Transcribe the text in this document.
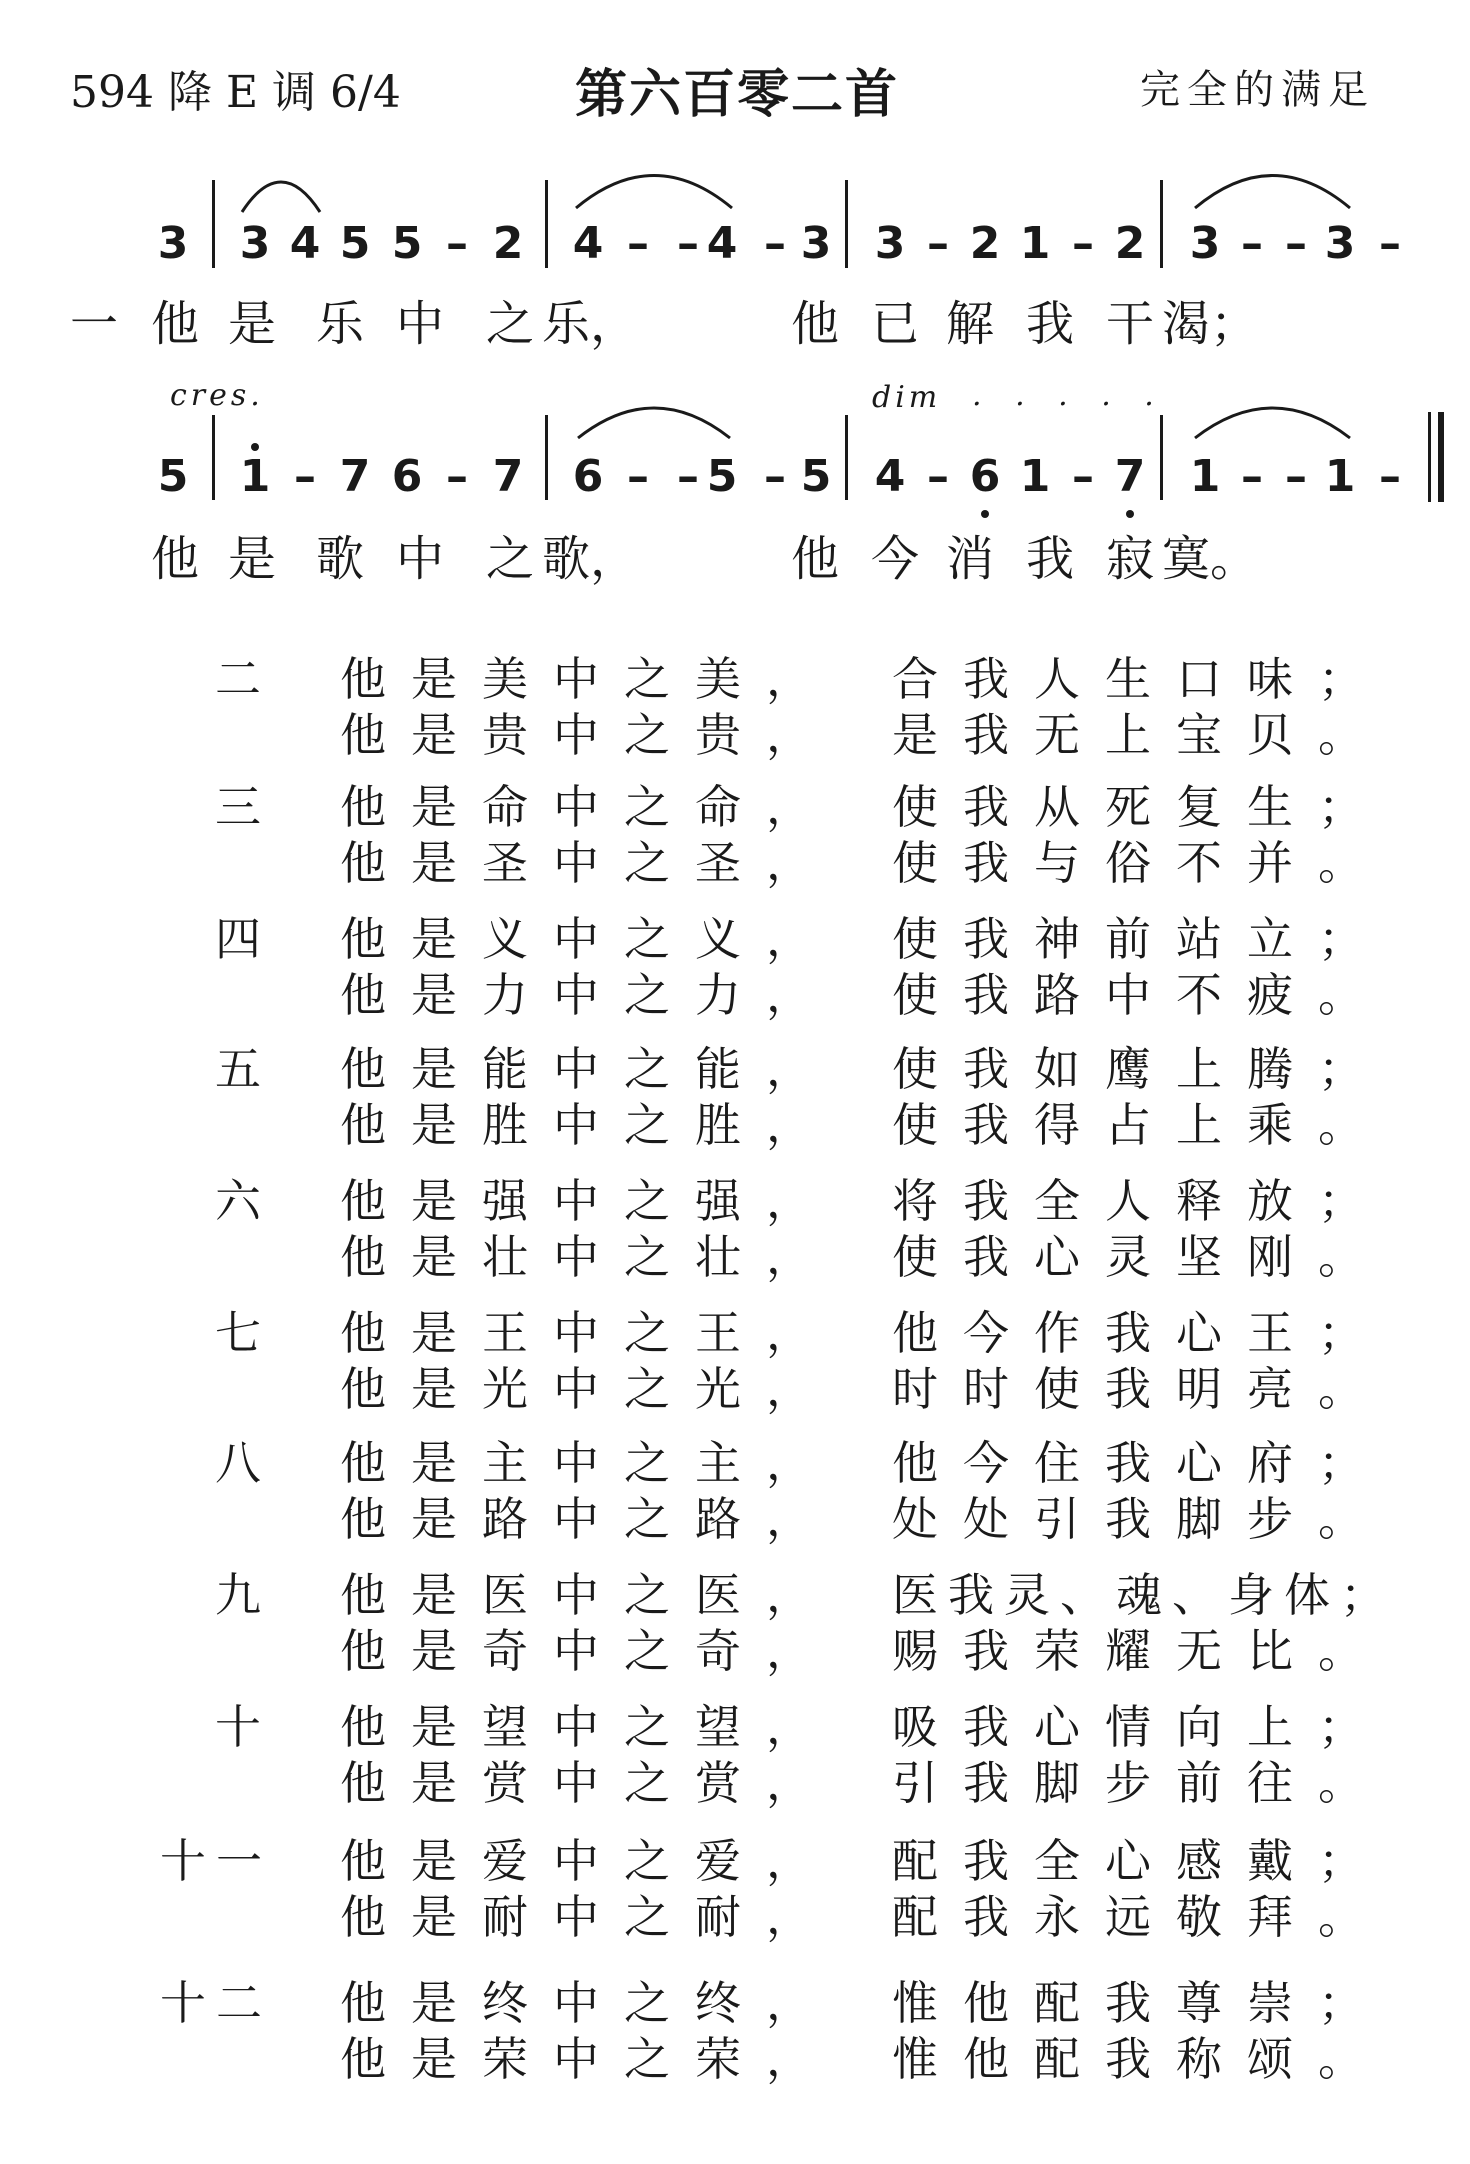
594 降 E 调 6/4	第六百零二首	完全的满足
3 3 4 5 5 – 2 4 – – 4 – 3 3 – 2 1 – 2 3 – – 3 –
一 他 是 乐 中 之 乐，	他 已 解 我 干 渴；
5 1 – 7 6 – 7 6 – – 5 – 5 4 – 6 1 – 7 1 – – 1 –
他 是 歌 中 之 歌，	他 今 消 我 寂 寞。
cres.	dim . . . . .
二 他是美中之美， 合我人生口味；
他是贵中之贵， 是我无上宝贝。
三 他是命中之命， 使我从死复生；
他是圣中之圣， 使我与俗不并。
四 他是义中之义， 使我神前站立；
他是力中之力， 使我路中不疲。
五 他是能中之能， 使我如鹰上腾；
他是胜中之胜， 使我得占上乘。
六 他是强中之强， 将我全人释放；
他是壮中之壮， 使我心灵坚刚。
七 他是王中之王， 他今作我心王；
他是光中之光， 时时使我明亮。
八 他是主中之主， 他今住我心府；
他是路中之路， 处处引我脚步。
九 他是医中之医， 医我灵、魂、身体；
他是奇中之奇， 赐我荣耀无比。
十 他是望中之望， 吸我心情向上；
他是赏中之赏， 引我脚步前往。
十一 他是爱中之爱， 配我全心感戴；
他是耐中之耐， 配我永远敬拜。
十二 他是终中之终， 惟他配我尊崇；
他是荣中之荣， 惟他配我称颂。
